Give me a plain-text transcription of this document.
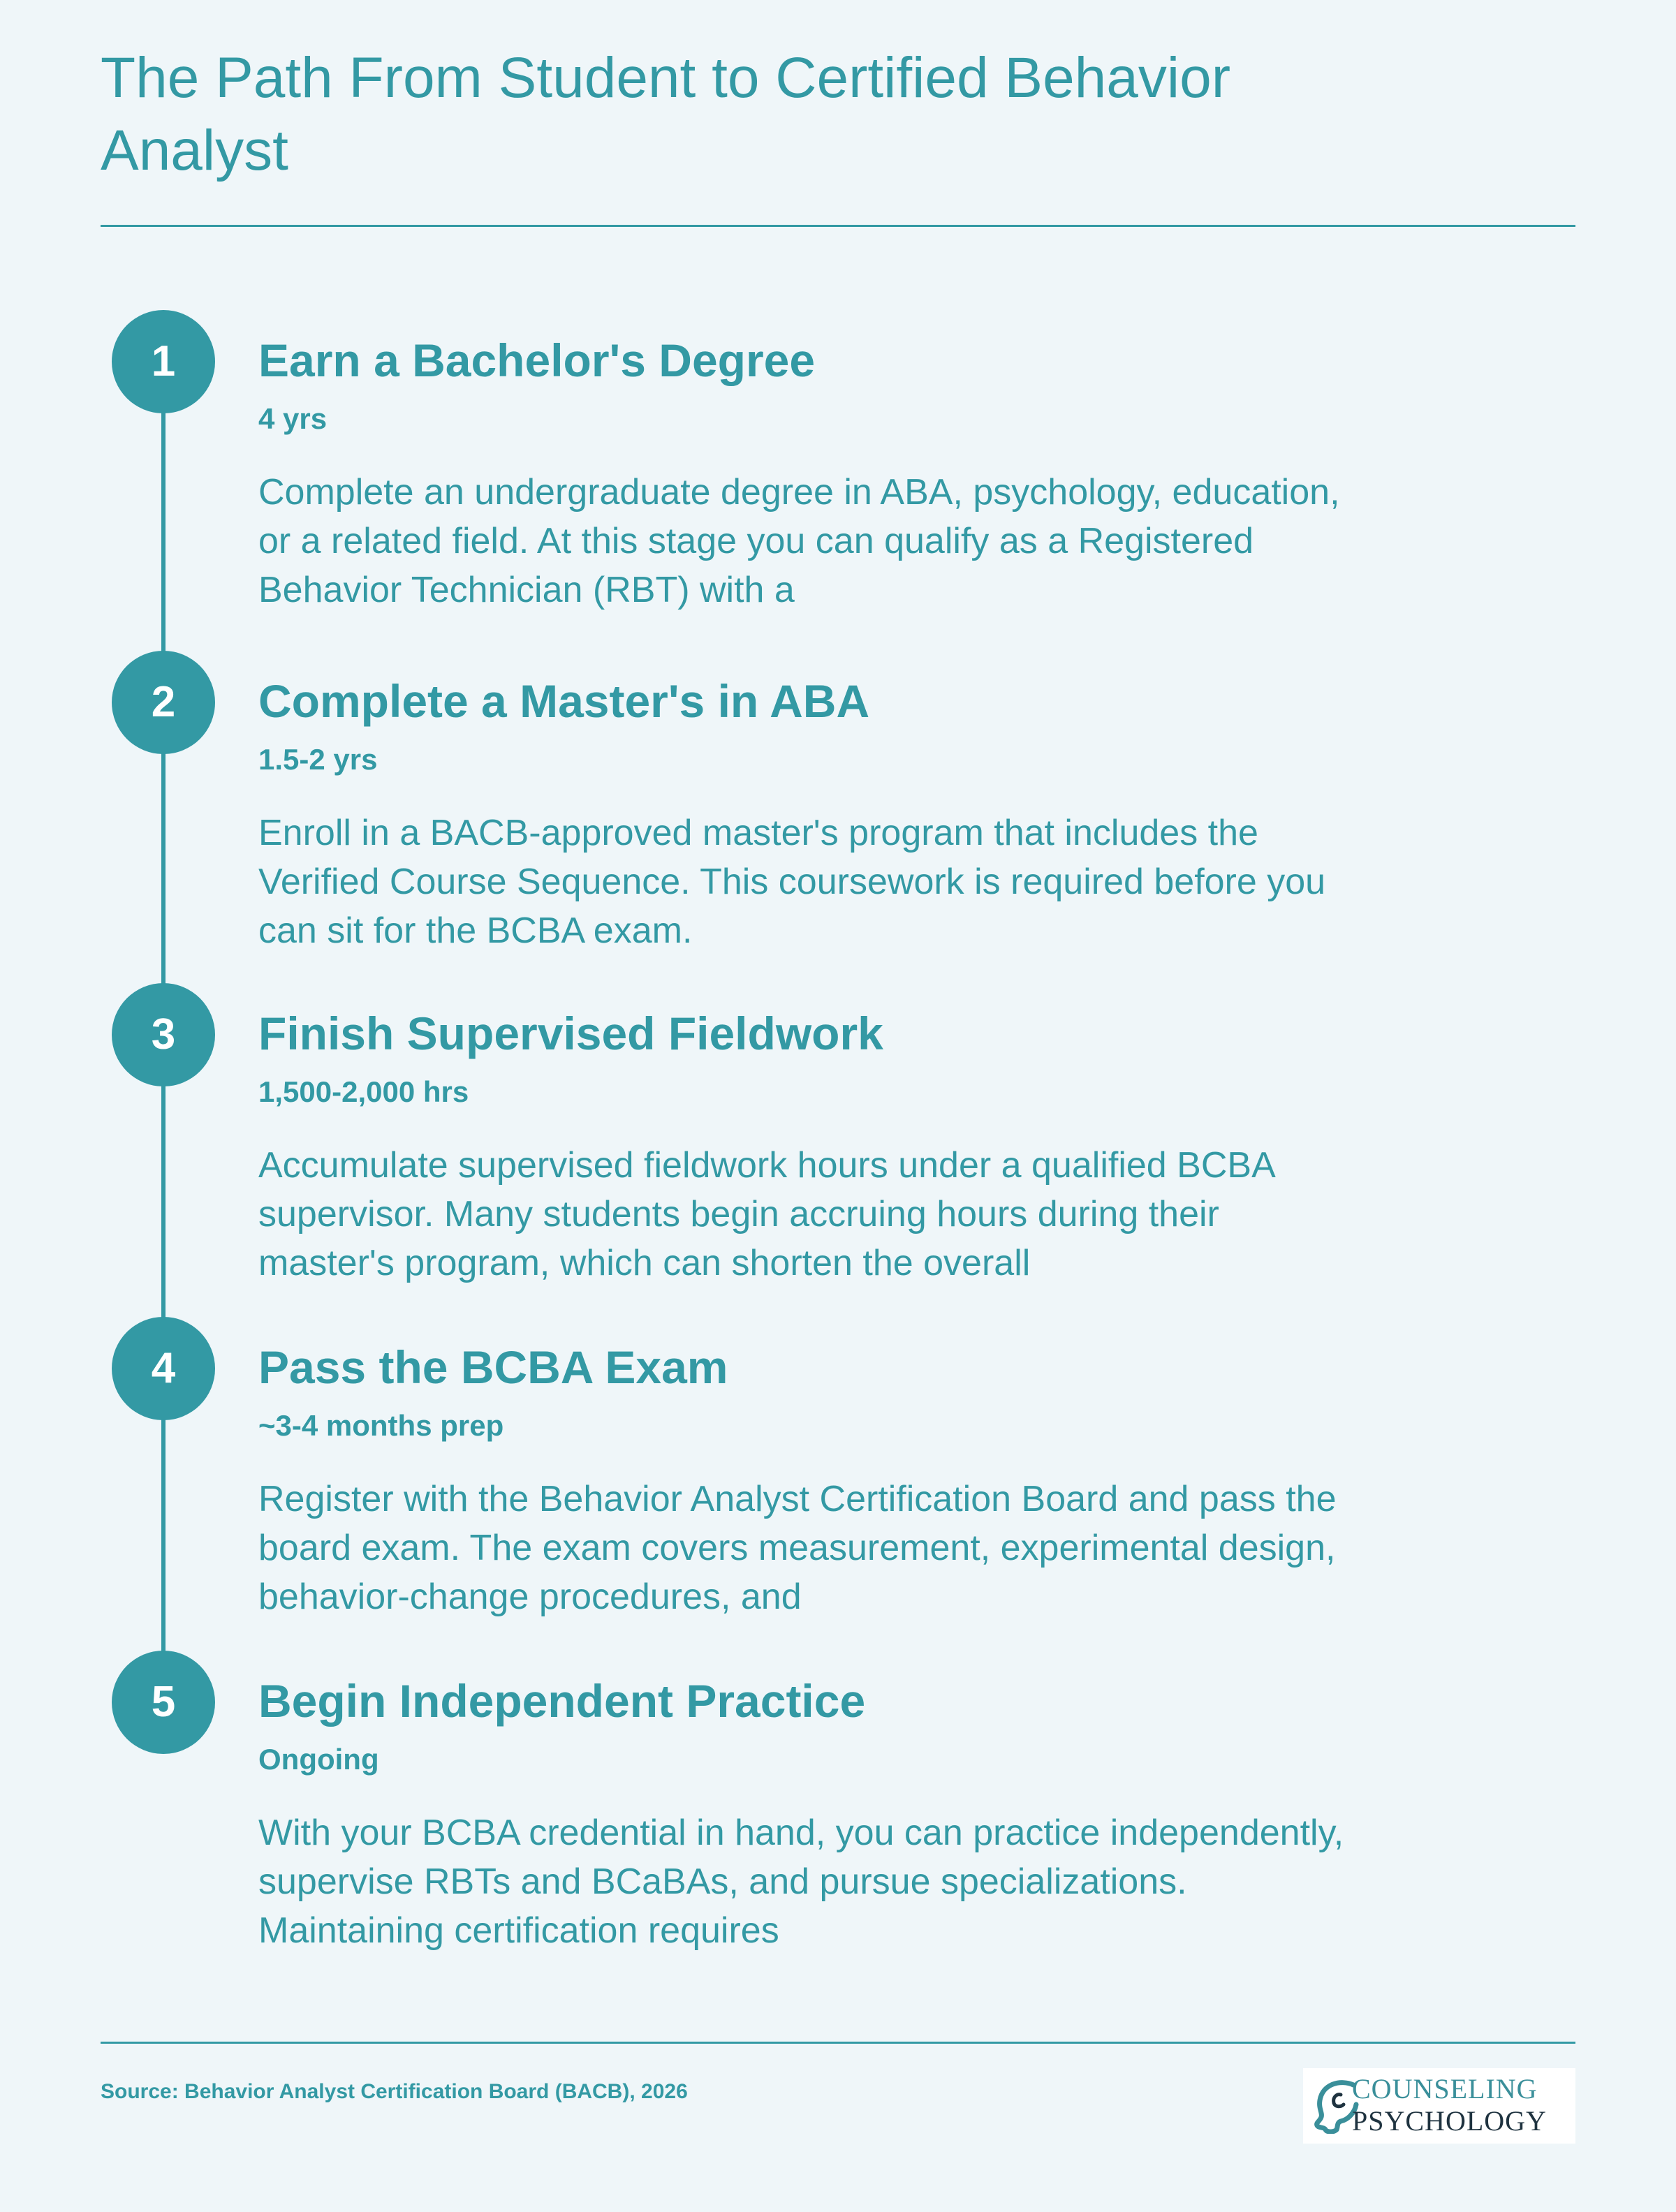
The Path From Student to Certified Behavior Analyst
1	Earn a Bachelor's Degree
4 yrs

Complete an undergraduate degree in ABA, psychology, education, or a related field. At this stage you can qualify as a Registered Behavior Technician (RBT) with a

2	Complete a Master's in ABA
1.5-2 yrs

Enroll in a BACB-approved master's program that includes the Verified Course Sequence. This coursework is required before you can sit for the BCBA exam.

3	Finish Supervised Fieldwork
1,500-2,000 hrs

Accumulate supervised fieldwork hours under a qualified BCBA supervisor. Many students begin accruing hours during their master's program, which can shorten the overall

4	Pass the BCBA Exam
~3-4 months prep

Register with the Behavior Analyst Certification Board and pass the board exam. The exam covers measurement, experimental design, behavior-change procedures, and

5	Begin Independent Practice
Ongoing

With your BCBA credential in hand, you can practice independently, supervise RBTs and BCaBAs, and pursue specializations. Maintaining certification requires

Source: Behavior Analyst Certification Board (BACB), 2026	COUNSELING
PSYCHOLOGY
